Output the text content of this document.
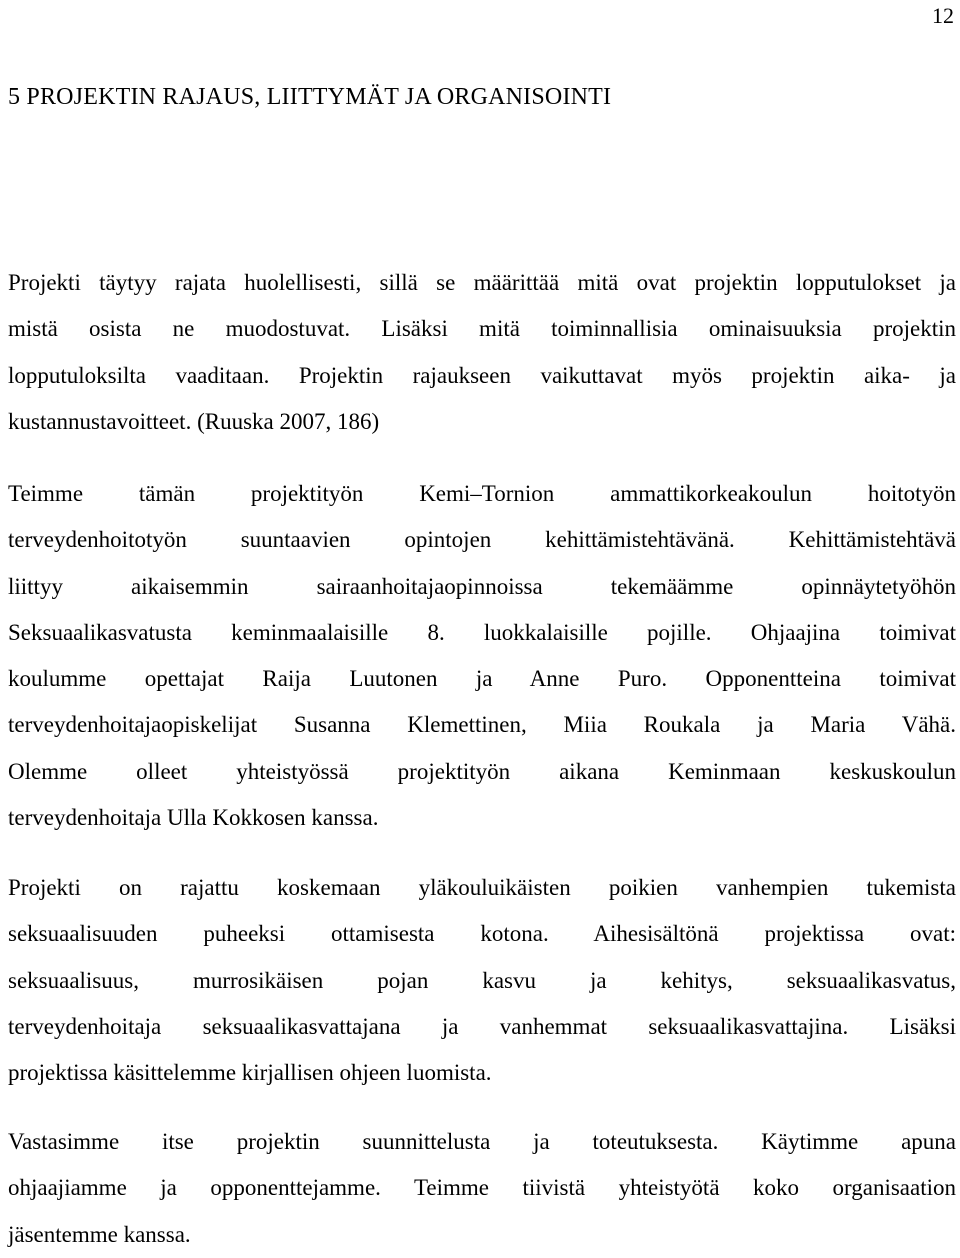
12
5 PROJEKTIN RAJAUS, LIITTYMÄT JA ORGANISOINTI
Projekti täytyy rajata huolellisesti, sillä se määrittää mitä ovat projektin lopputulokset ja
mistä osista ne muodostuvat. Lisäksi mitä toiminnallisia ominaisuuksia projektin
lopputuloksilta vaaditaan. Projektin rajaukseen vaikuttavat myös projektin aika- ja
kustannustavoitteet. (Ruuska 2007, 186)
Teimme tämän projektityön Kemi–Tornion ammattikorkeakoulun hoitotyön
terveydenhoitotyön suuntaavien opintojen kehittämistehtävänä. Kehittämistehtävä
liittyy aikaisemmin sairaanhoitajaopinnoissa tekemäämme opinnäytetyöhön
Seksuaalikasvatusta keminmaalaisille 8. luokkalaisille pojille. Ohjaajina toimivat
koulumme opettajat Raija Luutonen ja Anne Puro. Opponentteina toimivat
terveydenhoitajaopiskelijat Susanna Klemettinen, Miia Roukala ja Maria Vähä.
Olemme olleet yhteistyössä projektityön aikana Keminmaan keskuskoulun
terveydenhoitaja Ulla Kokkosen kanssa.
Projekti on rajattu koskemaan yläkouluikäisten poikien vanhempien tukemista
seksuaalisuuden puheeksi ottamisesta kotona. Aihesisältönä projektissa ovat:
seksuaalisuus, murrosikäisen pojan kasvu ja kehitys, seksuaalikasvatus,
terveydenhoitaja seksuaalikasvattajana ja vanhemmat seksuaalikasvattajina. Lisäksi
projektissa käsittelemme kirjallisen ohjeen luomista.
Vastasimme itse projektin suunnittelusta ja toteutuksesta. Käytimme apuna
ohjaajiamme ja opponenttejamme. Teimme tiivistä yhteistyötä koko organisaation
jäsentemme kanssa.
